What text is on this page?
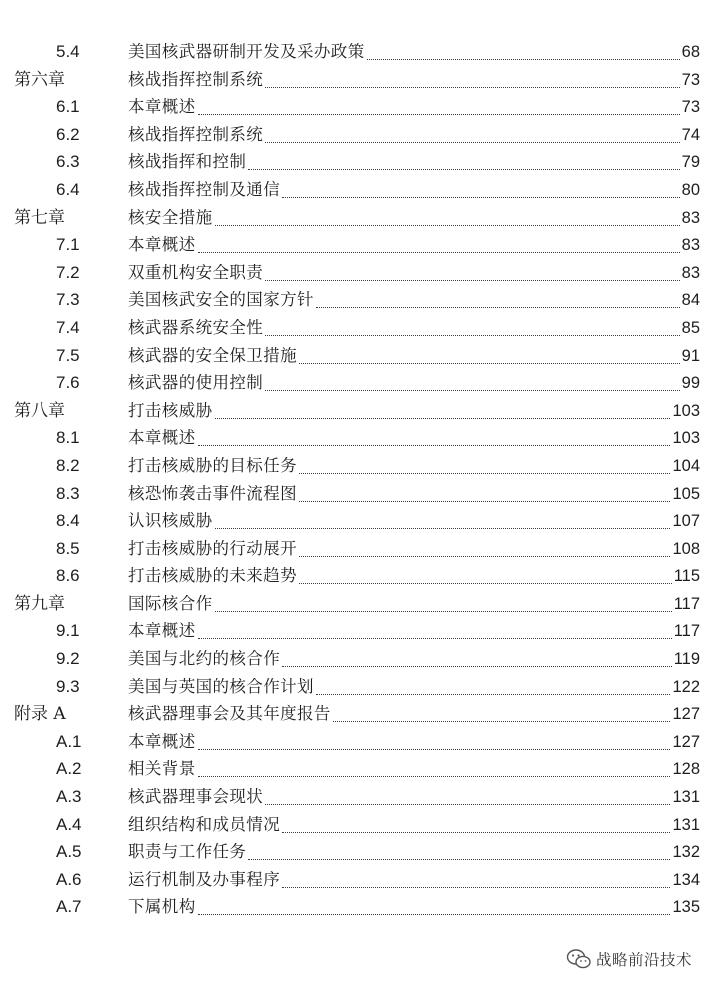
5.4	美国核武器研制开发及采办政策	68
第六章	核战指挥控制系统	73
6.1	本章概述	73
6.2	核战指挥控制系统	74
6.3	核战指挥和控制	79
6.4	核战指挥控制及通信	80
第七章	核安全措施	83
7.1	本章概述	83
7.2	双重机构安全职责	83
7.3	美国核武安全的国家方针	84
7.4	核武器系统安全性	85
7.5	核武器的安全保卫措施	91
7.6	核武器的使用控制	99
第八章	打击核威胁	103
8.1	本章概述	103
8.2	打击核威胁的目标任务	104
8.3	核恐怖袭击事件流程图	105
8.4	认识核威胁	107
8.5	打击核威胁的行动展开	108
8.6	打击核威胁的未来趋势	115
第九章	国际核合作	117
9.1	本章概述	117
9.2	美国与北约的核合作	119
9.3	美国与英国的核合作计划	122
附录 A	核武器理事会及其年度报告	127
A.1	本章概述	127
A.2	相关背景	128
A.3	核武器理事会现状	131
A.4	组织结构和成员情况	131
A.5	职责与工作任务	132
A.6	运行机制及办事程序	134
A.7	下属机构	135
战略前沿技术
